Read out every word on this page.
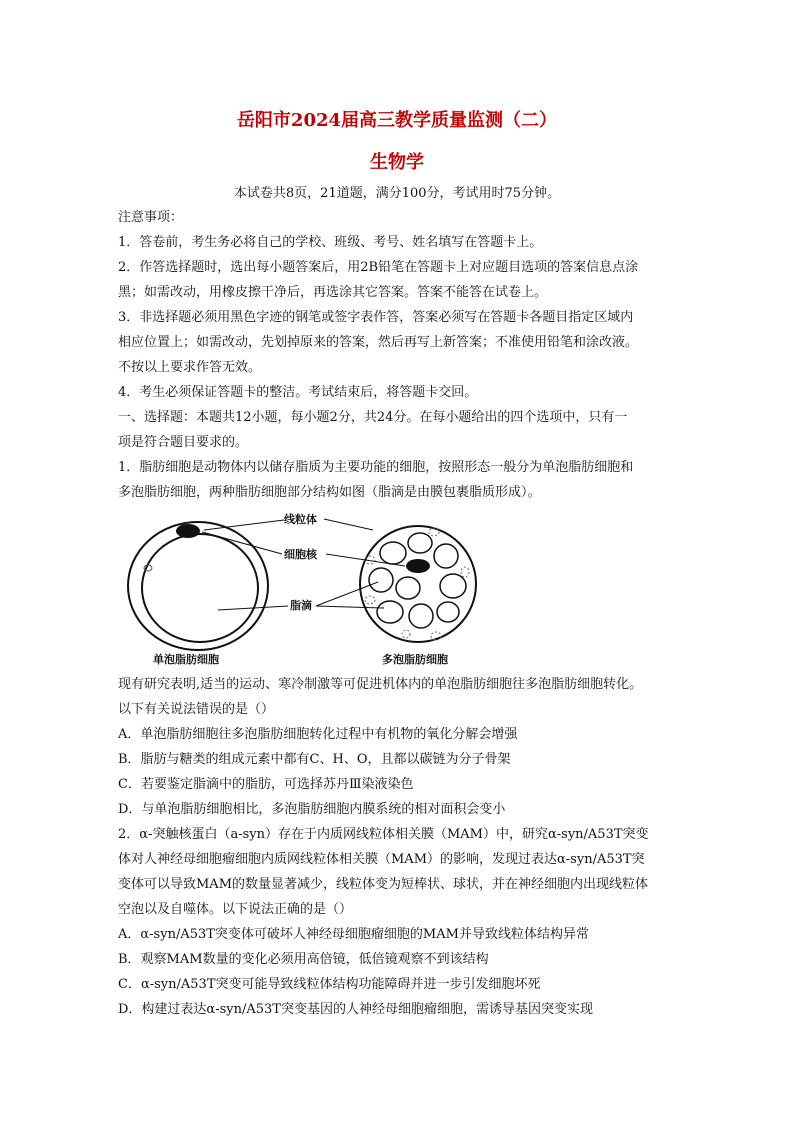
岳阳市2024届高三教学质量监测（二）
生物学
本试卷共8页，21道题，满分100分，考试用时75分钟。
注意事项：
1．答卷前，考生务必将自己的学校、班级、考号、姓名填写在答题卡上。
2．作答选择题时，选出每小题答案后，用2B铅笔在答题卡上对应题目选项的答案信息点涂
黑；如需改动，用橡皮擦干净后，再选涂其它答案。答案不能答在试卷上。
3．非选择题必须用黑色字迹的钢笔或签字表作答，答案必须写在答题卡各题目指定区域内
相应位置上；如需改动，先划掉原来的答案，然后再写上新答案；不准使用铅笔和涂改液。
不按以上要求作答无效。
4．考生必须保证答题卡的整洁。考试结束后，将答题卡交回。
一、选择题：本题共12小题，每小题2分，共24分。在每小题给出的四个选项中，只有一
项是符合题目要求的。
1．脂肪细胞是动物体内以储存脂质为主要功能的细胞，按照形态一般分为单泡脂肪细胞和
多泡脂肪细胞，两种脂肪细胞部分结构如图（脂滴是由膜包裹脂质形成）。
线粒体
细胞核
脂滴
单泡脂肪细胞	多泡脂肪细胞
现有研究表明,适当的运动、寒冷制激等可促进机体内的单泡脂肪细胞往多泡脂肪细胞转化。
以下有关说法错误的是（）
A．单泡脂肪细胞往多泡脂肪细胞转化过程中有机物的氧化分解会增强
B．脂肪与糖类的组成元素中都有C、H、O，且都以碳链为分子骨架
C．若要鉴定脂滴中的脂肪，可选择苏丹Ⅲ染液染色
D．与单泡脂肪细胞相比，多泡脂肪细胞内膜系统的相对面积会变小
2．α-突触核蛋白（a-syn）存在于内质网线粒体相关膜（MAM）中，研究α-syn/A53T突变
体对人神经母细胞瘤细胞内质网线粒体相关膜（MAM）的影响，发现过表达α-syn/A53T突
变体可以导致MAM的数量显著减少，线粒体变为短棒状、球状，并在神经细胞内出现线粒体
空泡以及自噬体。以下说法正确的是（）
A．α-syn/A53T突变体可破坏人神经母细胞瘤细胞的MAM并导致线粒体结构异常
B．观察MAM数量的变化必须用高倍镜，低倍镜观察不到该结构
C．α-syn/A53T突变可能导致线粒体结构功能障碍并进一步引发细胞坏死
D．构建过表达α-syn/A53T突变基因的人神经母细胞瘤细胞，需诱导基因突变实现
